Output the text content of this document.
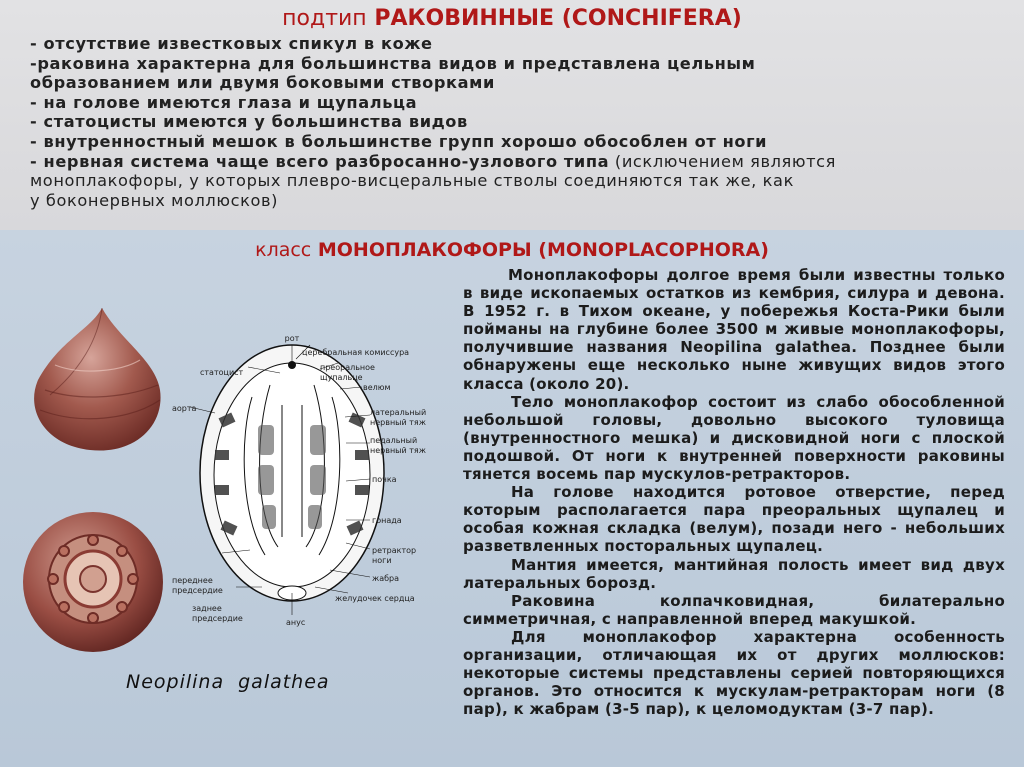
подтип РАКОВИННЫЕ (CONCHIFERA)
- отсутствие известковых спикул в коже
-раковина характерна для большинства видов и представлена цельным
образованием или двумя боковыми створками
- на голове имеются глаза и щупальца
- статоцисты имеются у большинства видов
- внутренностный мешок в большинстве групп хорошо обособлен от ноги
- нервная система чаще всего разбросанно-узлового типа (исключением являются
моноплакофоры, у которых плевро-висцеральные стволы соединяются так же, как
у боконервных моллюсков)
класс МОНОПЛАКОФОРЫ (MONOPLACOPHORA)
Neopilina galathea
рот
церебральная комиссура
статоцист
преоральное
щупальце
аорта
велюм
латеральный
нервный тяж
педальный
нервный тяж
почка
гонада
ретрактор
ноги
жабра
переднее
предсердие
заднее
предсердие
желудочек сердца
анус

Моноплакофоры долгое время были известны только в виде ископаемых остатков из кембрия, силура и девона. В 1952 г. в Тихом океане, у побережья Коста-Рики были пойманы на глубине более 3500 м живые моноплакофоры, получившие названия Neopilina galathea. Позднее были обнаружены еще несколько ныне живущих видов этого класса (около 20).

Тело моноплакофор состоит из слабо обособленной небольшой головы, довольно высокого туловища (внутренностного мешка) и дисковидной ноги с плоской подошвой. От ноги к внутренней поверхности раковины тянется восемь пар мускулов-ретракторов.

На голове находится ротовое отверстие, перед которым располагается пара преоральных щупалец и особая кожная складка (велум), позади него - небольших разветвленных посторальных щупалец.

Мантия имеется, мантийная полость имеет вид двух латеральных борозд.

Раковина колпачковидная, билатерально симметричная, с направленной вперед макушкой.

Для моноплакофор характерна особенность организации, отличающая их от других моллюсков: некоторые системы представлены серией повторяющихся органов. Это относится к мускулам-ретракторам ноги (8 пар), к жабрам (3-5 пар), к целомодуктам (3-7 пар).
